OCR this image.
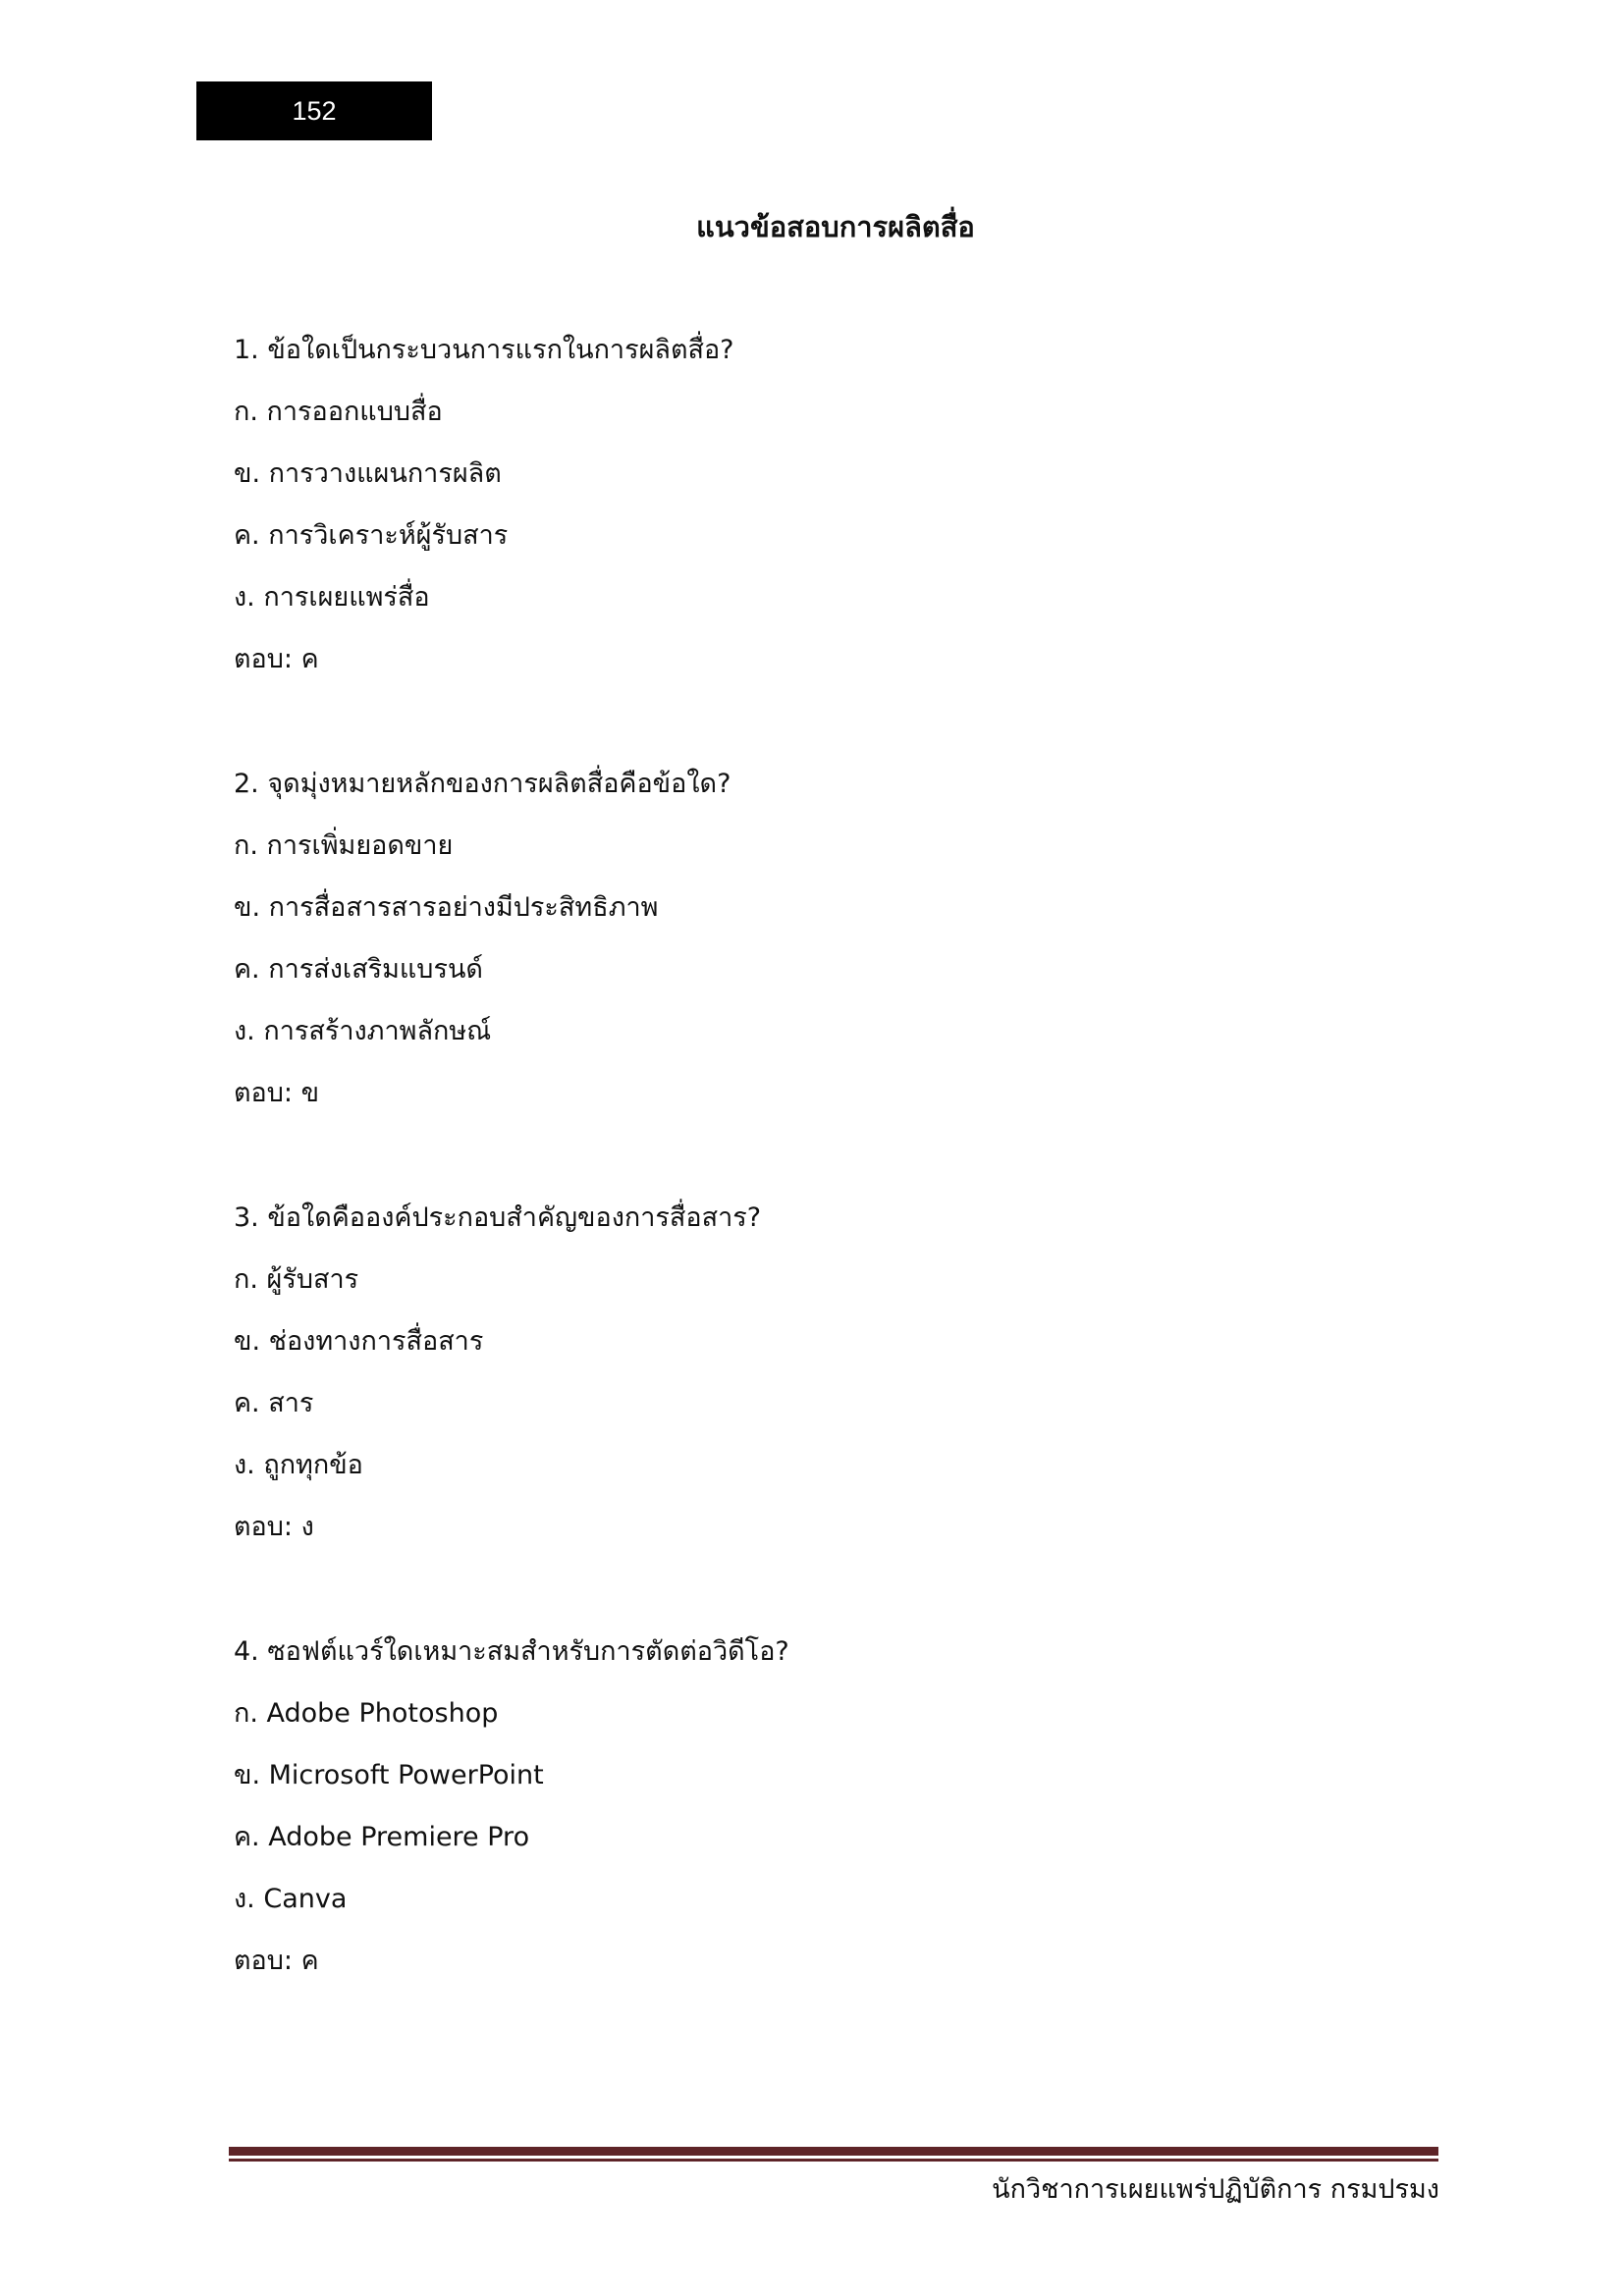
152
แนวข้อสอบการผลิตสื่อ
1. ข้อใดเป็นกระบวนการแรกในการผลิตสื่อ?
ก. การออกแบบสื่อ
ข. การวางแผนการผลิต
ค. การวิเคราะห์ผู้รับสาร
ง. การเผยแพร่สื่อ
ตอบ: ค
2. จุดมุ่งหมายหลักของการผลิตสื่อคือข้อใด?
ก. การเพิ่มยอดขาย
ข. การสื่อสารสารอย่างมีประสิทธิภาพ
ค. การส่งเสริมแบรนด์
ง. การสร้างภาพลักษณ์
ตอบ: ข
3. ข้อใดคือองค์ประกอบสำคัญของการสื่อสาร?
ก. ผู้รับสาร
ข. ช่องทางการสื่อสาร
ค. สาร
ง. ถูกทุกข้อ
ตอบ: ง
4. ซอฟต์แวร์ใดเหมาะสมสำหรับการตัดต่อวิดีโอ?
ก. Adobe Photoshop
ข. Microsoft PowerPoint
ค. Adobe Premiere Pro
ง. Canva
ตอบ: ค
นักวิชาการเผยแพร่ปฏิบัติการ กรมปรมง
